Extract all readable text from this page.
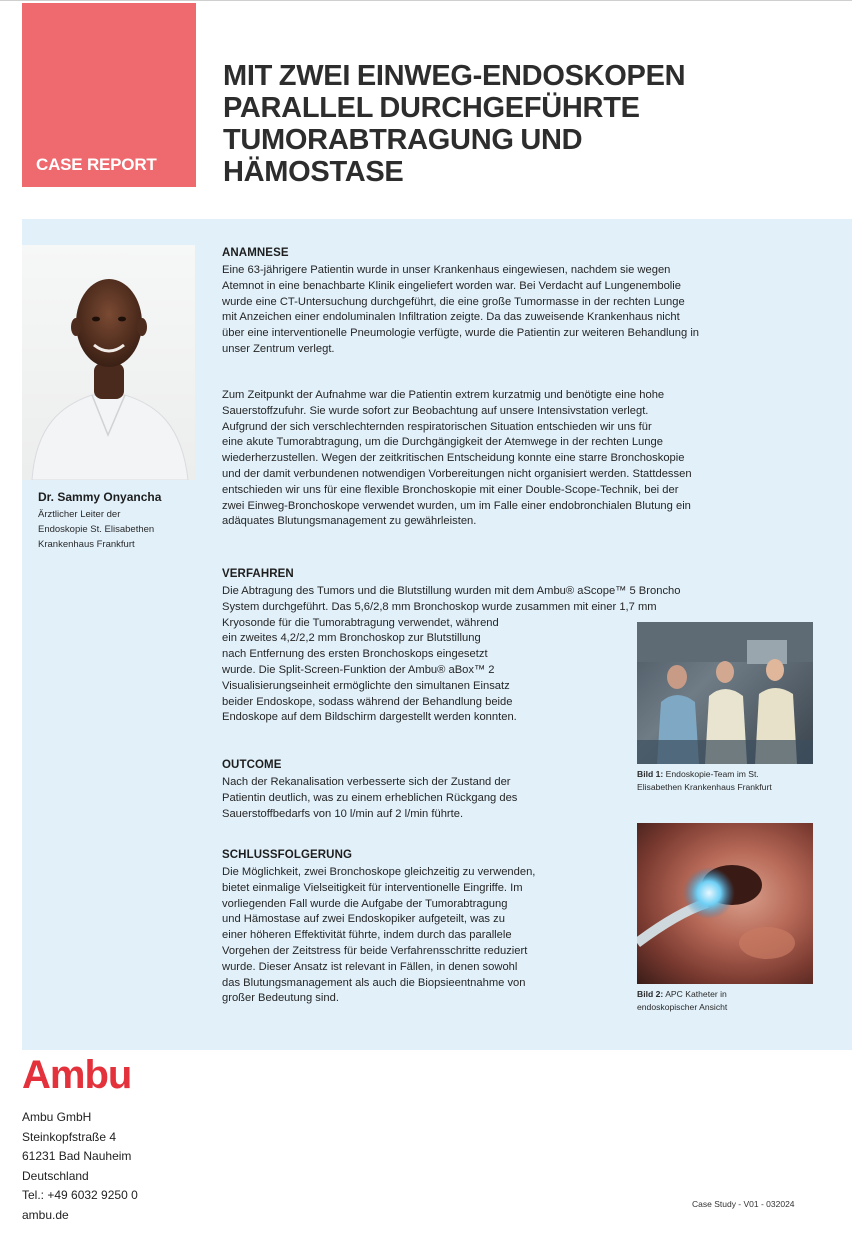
CASE REPORT
MIT ZWEI EINWEG-ENDOSKOPEN
PARALLEL DURCHGEFÜHRTE
TUMORABTRAGUNG UND
HÄMOSTASE
Dr. Sammy Onyancha
Ärztlicher Leiter der
Endoskopie St. Elisabethen
Krankenhaus Frankfurt
ANAMNESE
Eine 63-jährigere Patientin wurde in unser Krankenhaus eingewiesen, nachdem sie wegen
Atemnot in eine benachbarte Klinik eingeliefert worden war. Bei Verdacht auf Lungenembolie
wurde eine CT-Untersuchung durchgeführt, die eine große Tumormasse in der rechten Lunge
mit Anzeichen einer endoluminalen Infiltration zeigte. Da das zuweisende Krankenhaus nicht
über eine interventionelle Pneumologie verfügte, wurde die Patientin zur weiteren Behandlung in
unser Zentrum verlegt.
Zum Zeitpunkt der Aufnahme war die Patientin extrem kurzatmig und benötigte eine hohe
Sauerstoffzufuhr. Sie wurde sofort zur Beobachtung auf unsere Intensivstation verlegt.
Aufgrund der sich verschlechternden respiratorischen Situation entschieden wir uns für
eine akute Tumorabtragung, um die Durchgängigkeit der Atemwege in der rechten Lunge
wiederherzustellen. Wegen der zeitkritischen Entscheidung konnte eine starre Bronchoskopie
und der damit verbundenen notwendigen Vorbereitungen nicht organisiert werden. Stattdessen
entschieden wir uns für eine flexible Bronchoskopie mit einer Double-Scope-Technik, bei der
zwei Einweg-Bronchoskope verwendet wurden, um im Falle einer endobronchialen Blutung ein
adäquates Blutungsmanagement zu gewährleisten.
VERFAHREN
Die Abtragung des Tumors und die Blutstillung wurden mit dem Ambu® aScope™ 5 Broncho
System durchgeführt. Das 5,6/2,8 mm Bronchoskop wurde zusammen mit einer 1,7 mm
Kryosonde für die Tumorabtragung verwendet, während
ein zweites 4,2/2,2 mm Bronchoskop zur Blutstillung
nach Entfernung des ersten Bronchoskops eingesetzt
wurde. Die Split-Screen-Funktion der Ambu® aBox™ 2
Visualisierungseinheit ermöglichte den simultanen Einsatz
beider Endoskope, sodass während der Behandlung beide
Endoskope auf dem Bildschirm dargestellt werden konnten.
OUTCOME
Nach der Rekanalisation verbesserte sich der Zustand der
Patientin deutlich, was zu einem erheblichen Rückgang des
Sauerstoffbedarfs von 10 l/min auf 2 l/min führte.
SCHLUSSFOLGERUNG
Die Möglichkeit, zwei Bronchoskope gleichzeitig zu verwenden,
bietet einmalige Vielseitigkeit für interventionelle Eingriffe. Im
vorliegenden Fall wurde die Aufgabe der Tumorabtragung
und Hämostase auf zwei Endoskopiker aufgeteilt, was zu
einer höheren Effektivität führte, indem durch das parallele
Vorgehen der Zeitstress für beide Verfahrensschritte reduziert
wurde. Dieser Ansatz ist relevant in Fällen, in denen sowohl
das Blutungsmanagement als auch die Biopsieentnahme von
großer Bedeutung sind.
Bild 1: Endoskopie-Team im St.
Elisabethen Krankenhaus Frankfurt
Bild 2: APC Katheter in
endoskopischer Ansicht
Ambu
Ambu GmbH
Steinkopfstraße 4
61231 Bad Nauheim
Deutschland
Tel.: +49 6032 9250 0
ambu.de
Case Study - V01 - 032024
